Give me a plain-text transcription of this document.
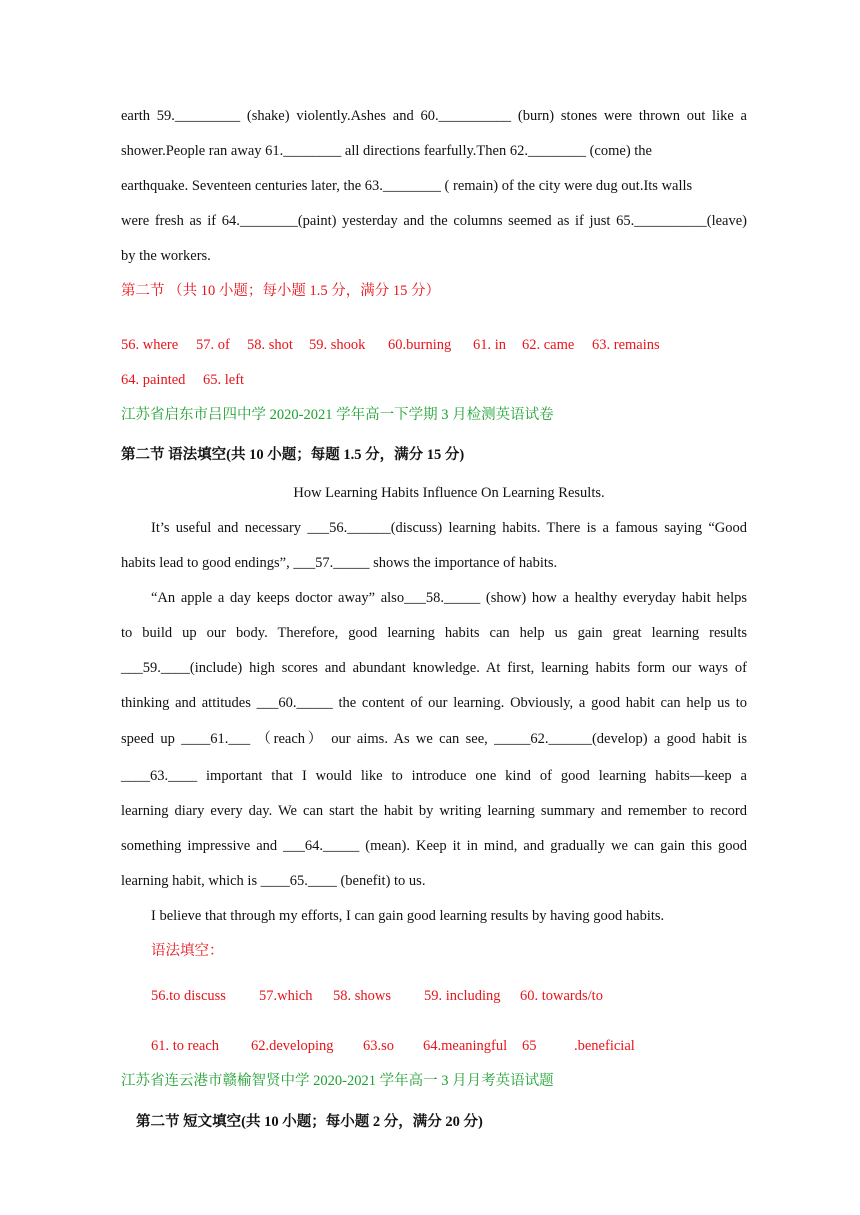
earth 59._________ (shake) violently.Ashes and 60.__________ (burn) stones were thrown out like a
shower.People ran away 61.________ all directions fearfully.Then 62.________ (come) the
earthquake. Seventeen centuries later, the 63.________ ( remain) of the city were dug out.Its walls
were fresh as if 64.________(paint) yesterday and the columns seemed as if just 65.__________(leave)
by the workers.
第二节 （共 10 小题；每小题 1.5 分，满分 15 分）
56. where 57. of 58. shot 59. shook 60.burning 61. in 62. came 63. remains
64. painted 65. left
江苏省启东市吕四中学 2020-2021 学年高一下学期 3 月检测英语试卷
第二节 语法填空(共 10 小题；每题 1.5 分，满分 15 分)
How Learning Habits Influence On Learning Results.
It’s useful and necessary ___56.______(discuss) learning habits. There is a famous saying “Good
habits lead to good endings”, ___57._____ shows the importance of habits.
“An apple a day keeps doctor away” also___58._____ (show) how a healthy everyday habit helps
to build up our body. Therefore, good learning habits can help us gain great learning results
___59.____(include) high scores and abundant knowledge. At first, learning habits form our ways of
thinking and attitudes ___60._____ the content of our learning. Obviously, a good habit can help us to
speed up ____61.___ （reach） our aims. As we can see, _____62.______(develop) a good habit is
____63.____ important that I would like to introduce one kind of good learning habits—keep a
learning diary every day. We can start the habit by writing learning summary and remember to record
something impressive and ___64._____ (mean). Keep it in mind, and gradually we can gain this good
learning habit, which is ____65.____ (benefit) to us.
I believe that through my efforts, I can gain good learning results by having good habits.
语法填空：
56.to discuss 57.which 58. shows 59. including 60. towards/to
61. to reach 62.developing 63.so 64.meaningful 65	.beneficial
江苏省连云港市赣榆智贤中学 2020-2021 学年高一 3 月月考英语试题
第二节 短文填空(共 10 小题；每小题 2 分，满分 20 分)
